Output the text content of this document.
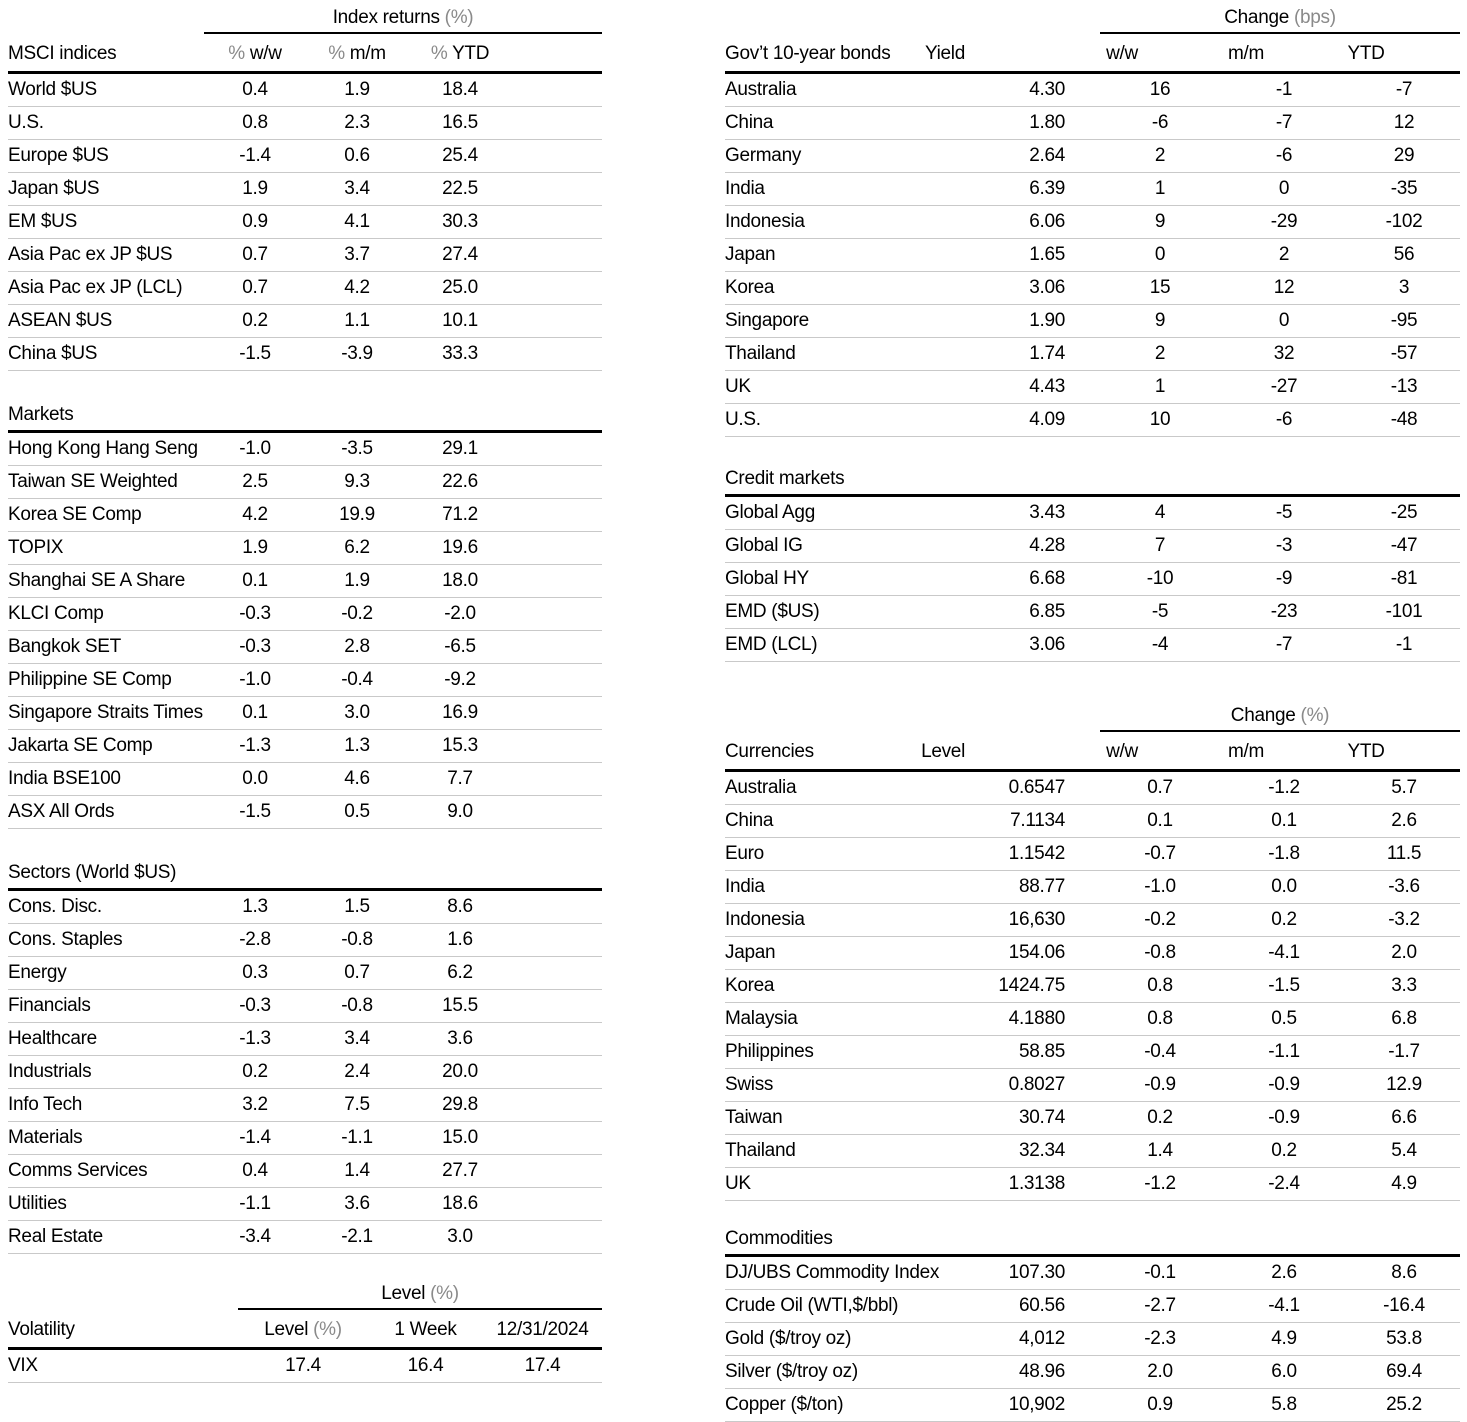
	Index returns (%)			
MSCI indices	% w/w	% m/m	% YTD	
World $US	0.4	1.9	18.4	
U.S.	0.8	2.3	16.5	
Europe $US	-1.4	0.6	25.4	
Japan $US	1.9	3.4	22.5	
EM $US	0.9	4.1	30.3	
Asia Pac ex JP $US	0.7	3.7	27.4	
Asia Pac ex JP (LCL)	0.7	4.2	25.0	
ASEAN $US	0.2	1.1	10.1	
China $US	-1.5	-3.9	33.3	
Markets				
Hong Kong Hang Seng	-1.0	-3.5	29.1	
Taiwan SE Weighted	2.5	9.3	22.6	
Korea SE Comp	4.2	19.9	71.2	
TOPIX	1.9	6.2	19.6	
Shanghai SE A Share	0.1	1.9	18.0	
KLCI Comp	-0.3	-0.2	-2.0	
Bangkok SET	-0.3	2.8	-6.5	
Philippine SE Comp	-1.0	-0.4	-9.2	
Singapore Straits Times	0.1	3.0	16.9	
Jakarta SE Comp	-1.3	1.3	15.3	
India BSE100	0.0	4.6	7.7	
ASX All Ords	-1.5	0.5	9.0	
Sectors (World $US)				
Cons. Disc.	1.3	1.5	8.6	
Cons. Staples	-2.8	-0.8	1.6	
Energy	0.3	0.7	6.2	
Financials	-0.3	-0.8	15.5	
Healthcare	-1.3	3.4	3.6	
Industrials	0.2	2.4	20.0	
Info Tech	3.2	7.5	29.8	
Materials	-1.4	-1.1	15.0	
Comms Services	0.4	1.4	27.7	
Utilities	-1.1	3.6	18.6	
Real Estate	-3.4	-2.1	3.0	
	Level (%)		
Volatility	Level (%)	1 Week	12/31/2024
VIX	17.4	16.4	17.4
		Change (bps)		
Gov’t 10-year bonds	Yield	w/w	m/m	YTD
Australia	4.30	16	-1	-7
China	1.80	-6	-7	12
Germany	2.64	2	-6	29
India	6.39	1	0	-35
Indonesia	6.06	9	-29	-102
Japan	1.65	0	2	56
Korea	3.06	15	12	3
Singapore	1.90	9	0	-95
Thailand	1.74	2	32	-57
UK	4.43	1	-27	-13
U.S.	4.09	10	-6	-48
Credit markets				
Global Agg	3.43	4	-5	-25
Global IG	4.28	7	-3	-47
Global HY	6.68	-10	-9	-81
EMD ($US)	6.85	-5	-23	-101
EMD (LCL)	3.06	-4	-7	-1
		Change (%)		
Currencies	Level	w/w	m/m	YTD
Australia	0.6547	0.7	-1.2	5.7
China	7.1134	0.1	0.1	2.6
Euro	1.1542	-0.7	-1.8	11.5
India	88.77	-1.0	0.0	-3.6
Indonesia	16,630	-0.2	0.2	-3.2
Japan	154.06	-0.8	-4.1	2.0
Korea	1424.75	0.8	-1.5	3.3
Malaysia	4.1880	0.8	0.5	6.8
Philippines	58.85	-0.4	-1.1	-1.7
Swiss	0.8027	-0.9	-0.9	12.9
Taiwan	30.74	0.2	-0.9	6.6
Thailand	32.34	1.4	0.2	5.4
UK	1.3138	-1.2	-2.4	4.9
Commodities				
DJ/UBS Commodity Index	107.30	-0.1	2.6	8.6
Crude Oil (WTI,$/bbl)	60.56	-2.7	-4.1	-16.4
Gold ($/troy oz)	4,012	-2.3	4.9	53.8
Silver ($/troy oz)	48.96	2.0	6.0	69.4
Copper ($/ton)	10,902	0.9	5.8	25.2
